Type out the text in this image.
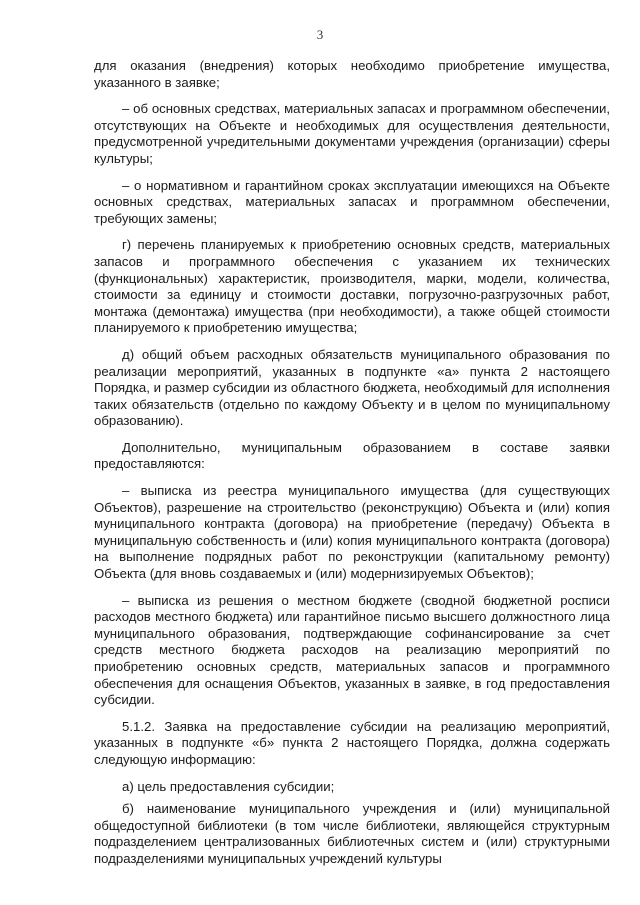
3

для оказания (внедрения) которых необходимо приобретение имущества, указанного в заявке;

– об основных средствах, материальных запасах и программном обеспечении, отсутствующих на Объекте и необходимых для осуществления деятельности, предусмотренной учредительными документами учреждения (организации) сферы культуры;

– о нормативном и гарантийном сроках эксплуатации имеющихся на Объекте основных средствах, материальных запасах и программном обеспечении, требующих замены;

г) перечень планируемых к приобретению основных средств, материальных запасов и программного обеспечения с указанием их технических (функциональных) характеристик, производителя, марки, модели, количества, стоимости за единицу и стоимости доставки, погрузочно-разгрузочных работ, монтажа (демонтажа) имущества (при необходимости), а также общей стоимости планируемого к приобретению имущества;

д) общий объем расходных обязательств муниципального образования по реализации мероприятий, указанных в подпункте «а» пункта 2 настоящего Порядка, и размер субсидии из областного бюджета, необходимый для исполнения таких обязательств (отдельно по каждому Объекту и в целом по муниципальному образованию).

Дополнительно, муниципальным образованием в составе заявки предоставляются:

– выписка из реестра муниципального имущества (для существующих Объектов), разрешение на строительство (реконструкцию) Объекта и (или) копия муниципального контракта (договора) на приобретение (передачу) Объекта в муниципальную собственность и (или) копия муниципального контракта (договора) на выполнение подрядных работ по реконструкции (капитальному ремонту) Объекта (для вновь создаваемых и (или) модернизируемых Объектов);

– выписка из решения о местном бюджете (сводной бюджетной росписи расходов местного бюджета) или гарантийное письмо высшего должностного лица муниципального образования, подтверждающие софинансирование за счет средств местного бюджета расходов на реализацию мероприятий по приобретению основных средств, материальных запасов и программного обеспечения для оснащения Объектов, указанных в заявке, в год предоставления субсидии.

5.1.2. Заявка на предоставление субсидии на реализацию мероприятий, указанных в подпункте «б» пункта 2 настоящего Порядка, должна содержать следующую информацию:

а) цель предоставления субсидии;

б) наименование муниципального учреждения и (или) муниципальной общедоступной библиотеки (в том числе библиотеки, являющейся структурным подразделением централизованных библиотечных систем и (или) структурными подразделениями муниципальных учреждений культуры
